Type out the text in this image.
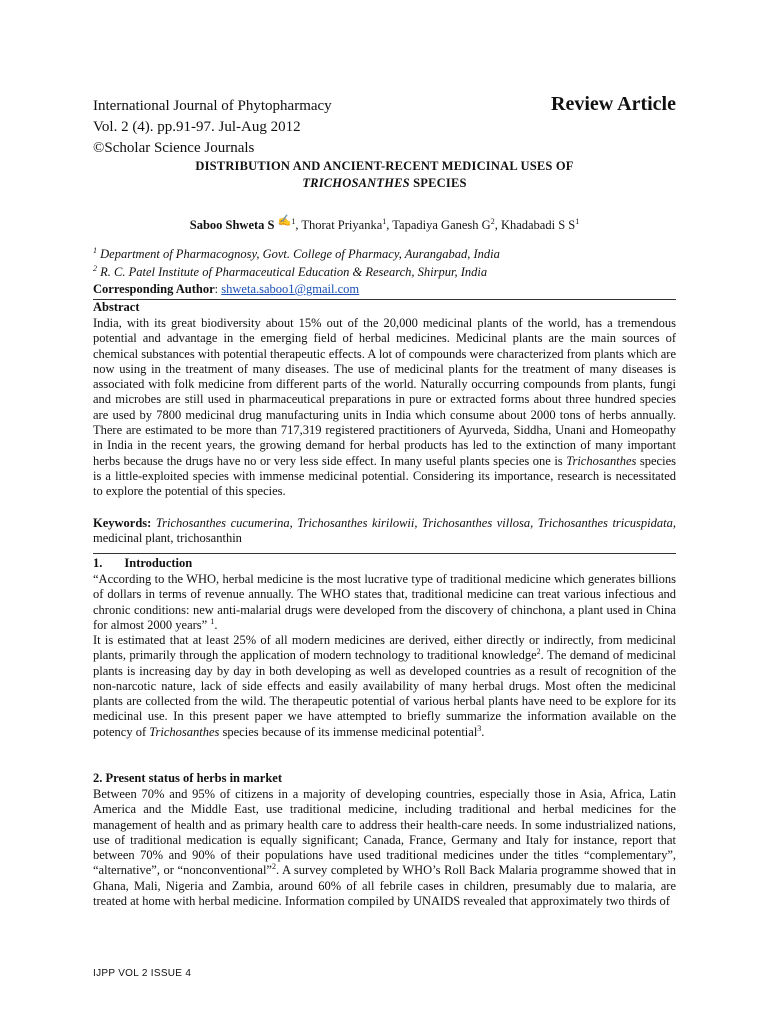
International Journal of Phytopharmacy
Vol. 2 (4). pp.91-97. Jul-Aug 2012
©Scholar Science Journals
Review Article
DISTRIBUTION AND ANCIENT-RECENT MEDICINAL USES OF
TRICHOSANTHES SPECIES
Saboo Shweta S ✍$^1$, Thorat Priyanka$^1$, Tapadiya Ganesh $G^2$, Khadabadi S $S^1$
$^1$ Department of Pharmacognosy, Govt. College of Pharmacy, Aurangabad, India
$^2$ R. C. Patel Institute of Pharmaceutical Education & Research, Shirpur, India
Corresponding Author: shweta.saboo1@gmail.com
Abstract
India, with its great biodiversity about 15% out of the 20,000 medicinal plants of the world, has a tremendous potential and advantage in the emerging field of herbal medicines. Medicinal plants are the main sources of chemical substances with potential therapeutic effects. A lot of compounds were characterized from plants which are now using in the treatment of many diseases. The use of medicinal plants for the treatment of many diseases is associated with folk medicine from different parts of the world. Naturally occurring compounds from plants, fungi and microbes are still used in pharmaceutical preparations in pure or extracted forms about three hundred species are used by 7800 medicinal drug manufacturing units in India which consume about 2000 tons of herbs annually. There are estimated to be more than 717,319 registered practitioners of Ayurveda, Siddha, Unani and Homeopathy in India in the recent years, the growing demand for herbal products has led to the extinction of many important herbs because the drugs have no or very less side effect. In many useful plants species one is Trichosanthes species is a little-exploited species with immense medicinal potential. Considering its importance, research is necessitated to explore the potential of this species.
Keywords: Trichosanthes cucumerina, Trichosanthes kirilowii, Trichosanthes villosa, Trichosanthes tricuspidata, medicinal plant, trichosanthin
1. Introduction
“According to the WHO, herbal medicine is the most lucrative type of traditional medicine which generates billions of dollars in terms of revenue annually. The WHO states that, traditional medicine can treat various infectious and chronic conditions: new anti-malarial drugs were developed from the discovery of chinchona, a plant used in China for almost 2000 years” $^1$.
It is estimated that at least 25% of all modern medicines are derived, either directly or indirectly, from medicinal plants, primarily through the application of modern technology to traditional knowledge$^2$. The demand of medicinal plants is increasing day by day in both developing as well as developed countries as a result of recognition of the non-narcotic nature, lack of side effects and easily availability of many herbal drugs. Most often the medicinal plants are collected from the wild. The therapeutic potential of various herbal plants have need to be explore for its medicinal use. In this present paper we have attempted to briefly summarize the information available on the potency of Trichosanthes species because of its immense medicinal potential$^3$.
2. Present status of herbs in market
Between 70% and 95% of citizens in a majority of developing countries, especially those in Asia, Africa, Latin America and the Middle East, use traditional medicine, including traditional and herbal medicines for the management of health and as primary health care to address their health-care needs. In some industrialized nations, use of traditional medication is equally significant; Canada, France, Germany and Italy for instance, report that between 70% and 90% of their populations have used traditional medicines under the titles “complementary”, “alternative”, or “nonconventional”$^2$. A survey completed by WHO’s Roll Back Malaria programme showed that in Ghana, Mali, Nigeria and Zambia, around 60% of all febrile cases in children, presumably due to malaria, are treated at home with herbal medicine. Information compiled by UNAIDS revealed that approximately two thirds of
IJPP VOL 2 ISSUE 4
